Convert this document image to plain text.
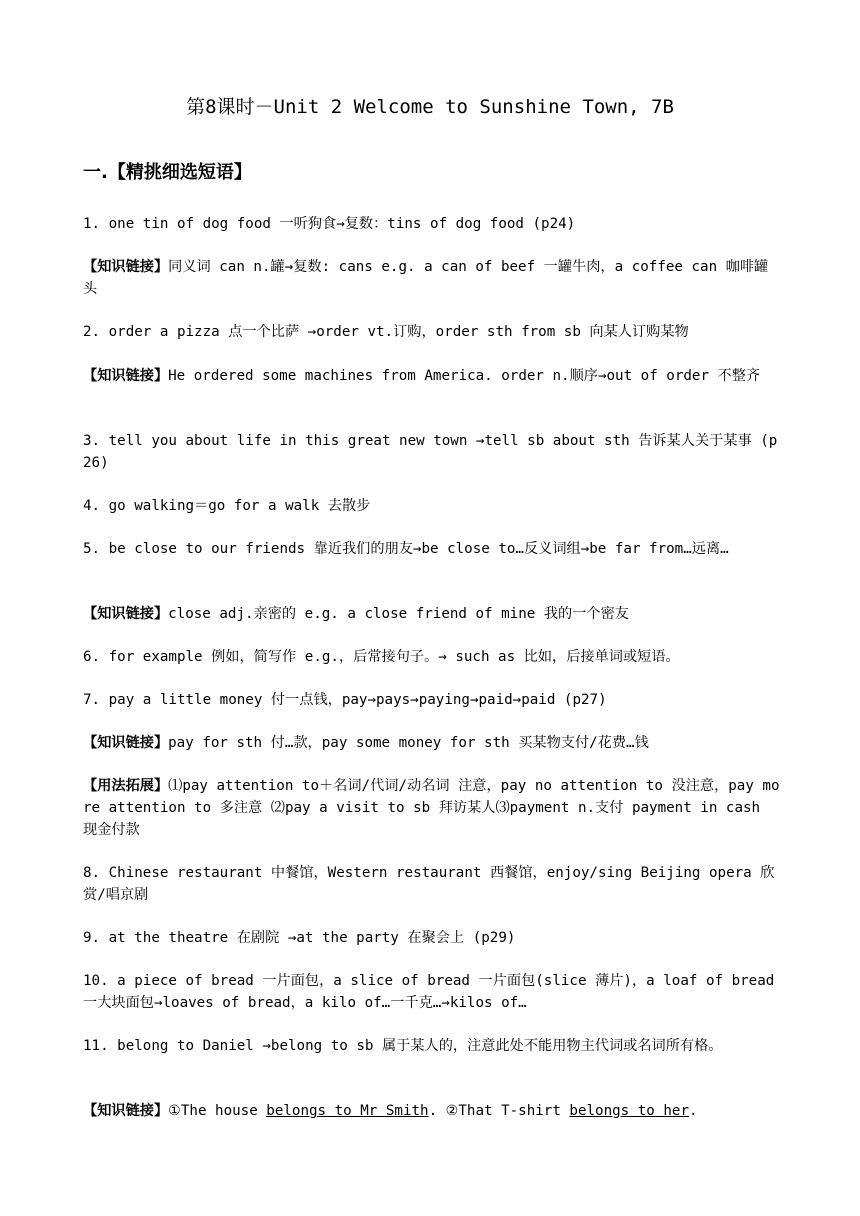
第8课时－Unit 2 Welcome to Sunshine Town, 7B
一.【精挑细选短语】
1. one tin of dog food 一听狗食→复数：tins of dog food (p24)
【知识链接】同义词 can n.罐→复数: cans e.g. a can of beef 一罐牛肉，a coffee can 咖啡罐头
2. order a pizza 点一个比萨 →order vt.订购，order sth from sb 向某人订购某物
【知识链接】He ordered some machines from America. order n.顺序→out of order 不整齐
3. tell you about life in this great new town →tell sb about sth 告诉某人关于某事 (p26)
4. go walking＝go for a walk 去散步
5. be close to our friends 靠近我们的朋友→be close to…反义词组→be far from…远离…
【知识链接】close adj.亲密的 e.g. a close friend of mine 我的一个密友
6. for example 例如，简写作 e.g.，后常接句子。→ such as 比如，后接单词或短语。
7. pay a little money 付一点钱，pay→pays→paying→paid→paid (p27)
【知识链接】pay for sth 付…款，pay some money for sth 买某物支付/花费…钱
【用法拓展】⑴pay attention to＋名词/代词/动名词 注意，pay no attention to 没注意，pay more attention to 多注意 ⑵pay a visit to sb 拜访某人⑶payment n.支付 payment in cash 现金付款
8. Chinese restaurant 中餐馆，Western restaurant 西餐馆，enjoy/sing Beijing opera 欣赏/唱京剧
9. at the theatre 在剧院 →at the party 在聚会上 (p29)
10. a piece of bread 一片面包，a slice of bread 一片面包(slice 薄片)，a loaf of bread 一大块面包→loaves of bread，a kilo of…一千克…→kilos of…
11. belong to Daniel →belong to sb 属于某人的，注意此处不能用物主代词或名词所有格。
【知识链接】①The house belongs to Mr Smith. ②That T-shirt belongs to her.
